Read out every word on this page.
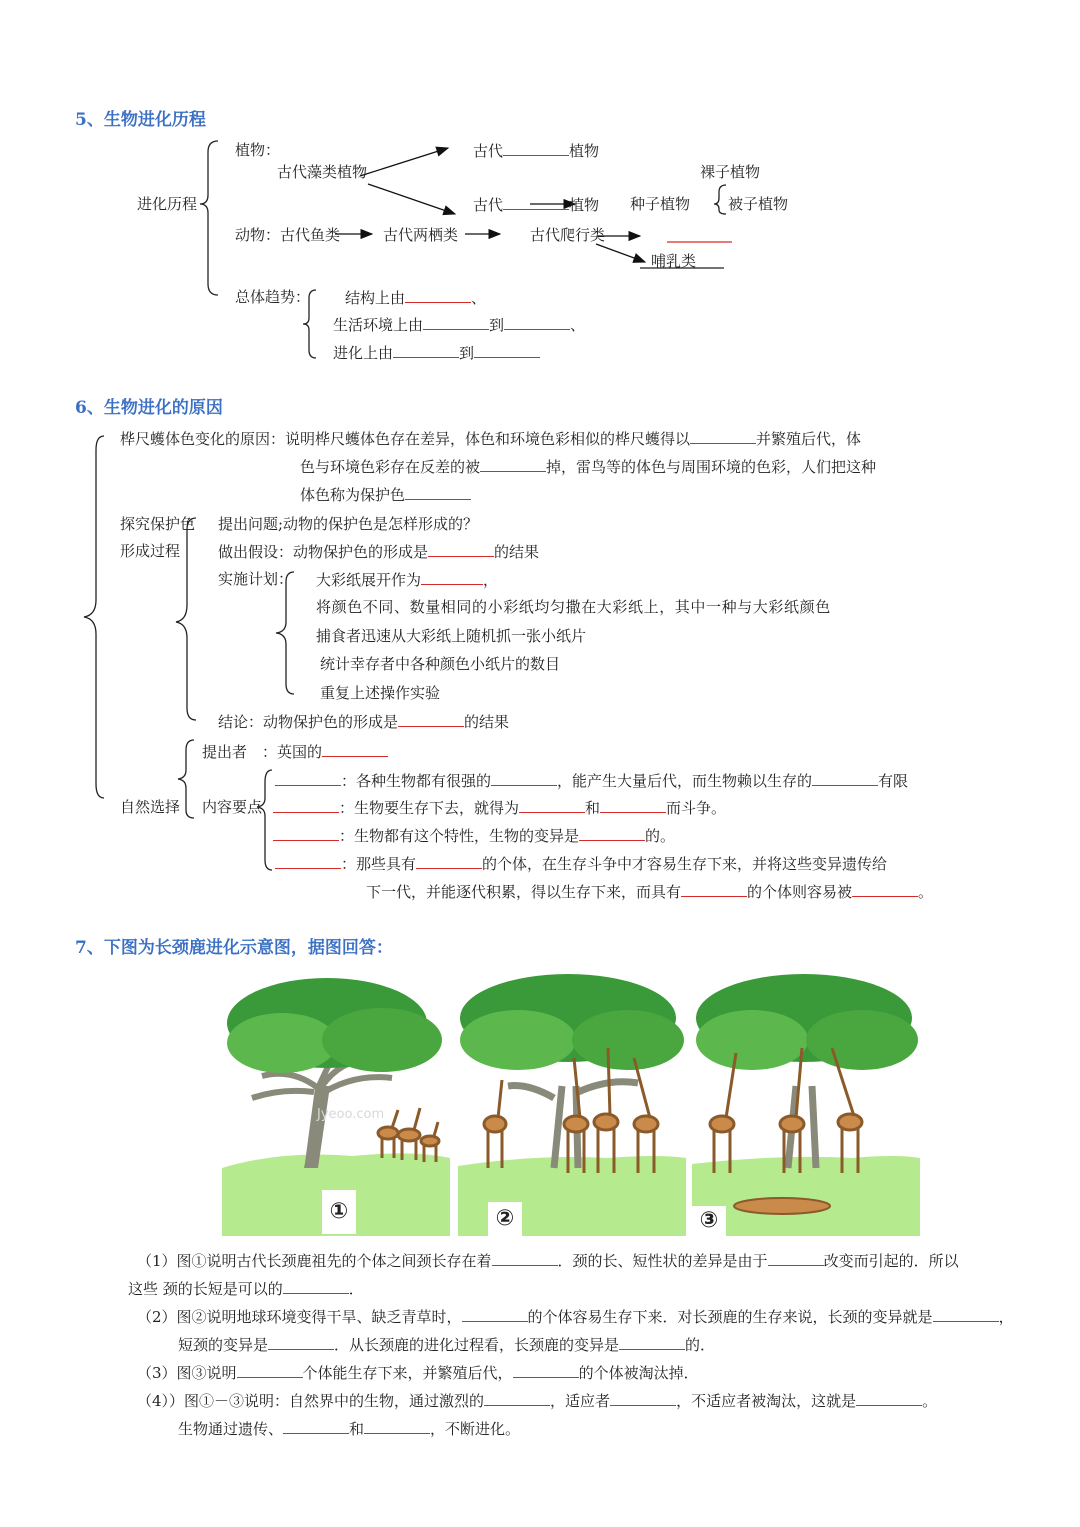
5、生物进化历程
进化历程
植物：
古代藻类植物
古代	植物
古代	植物 种子植物
裸子植物
被子植物
动物：古代鱼类	古代两栖类	古代爬行类
哺乳类
总体趋势： 结构上由	、
生活环境上由	到	、
进化上由	到
6、生物进化的原因
桦尺蠖体色变化的原因：说明桦尺蠖体色存在差异，体色和环境色彩相似的桦尺蠖得以	并繁殖后代，体
色与环境色彩存在反差的被	掉，雷鸟等的体色与周围环境的色彩，人们把这种
体色称为保护色
探究保护色
形成过程
提出问题;动物的保护色是怎样形成的？
做出假设：动物保护色的形成是	的结果
实施计划： 大彩纸展开作为	，
将颜色不同、数量相同的小彩纸均匀撒在大彩纸上，其中一种与大彩纸颜色
捕食者迅速从大彩纸上随机抓一张小纸片
统计幸存者中各种颜色小纸片的数目
重复上述操作实验
结论：动物保护色的形成是	的结果
提出者　：英国的
自然选择 内容要点
：各种生物都有很强的	，能产生大量后代，而生物赖以生存的	有限
：生物要生存下去，就得为	和	而斗争。
：生物都有这个特性，生物的变异是	的。
：那些具有	的个体，在生存斗争中才容易生存下来，并将这些变异遗传给
下一代，并能逐代积累，得以生存下来，而具有	的个体则容易被	。
7、下图为长颈鹿进化示意图，据图回答：
Jyeoo.com
①	②	③
（1）图①说明古代长颈鹿祖先的个体之间颈长存在着	．颈的长、短性状的差异是由于	改变而引起的．所以
这些 颈的长短是可以的	．
（2）图②说明地球环境变得干旱、缺乏青草时，	的个体容易生存下来．对长颈鹿的生存来说，长颈的变异就是	，
短颈的变异是	．从长颈鹿的进化过程看，长颈鹿的变异是	的．
（3）图③说明	个体能生存下来，并繁殖后代，	的个体被淘汰掉．
（4））图①－③说明：自然界中的生物，通过激烈的	，适应者	，不适应者被淘汰，这就是	。
生物通过遗传、	和	，不断进化。
